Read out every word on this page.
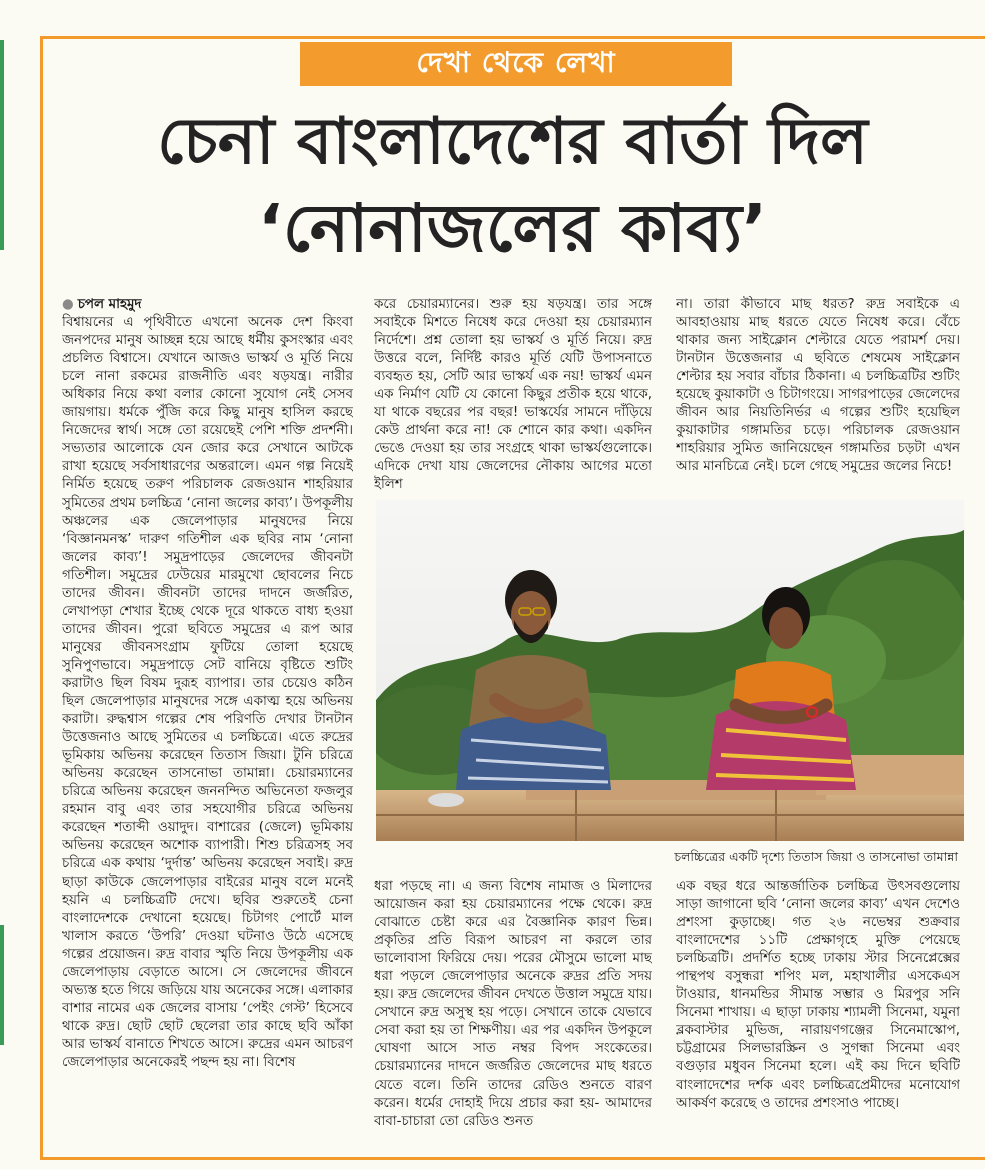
দেখা থেকে লেখা
চেনা বাংলাদেশের বার্তা দিল
‘নোনাজলের কাব্য’

● চপল মাহমুদ

বিশ্বায়নের এ পৃথিবীতে এখনো অনেক দেশ কিংবা জনপদের মানুষ আচ্ছন্ন হয়ে আছে ধর্মীয় কুসংস্কার এবং প্রচলিত বিশ্বাসে। যেখানে আজও ভাস্কর্য ও মূর্তি নিয়ে চলে নানা রকমের রাজনীতি এবং ষড়যন্ত্র। নারীর অধিকার নিয়ে কথা বলার কোনো সুযোগ নেই সেসব জায়গায়। ধর্মকে পুঁজি করে কিছু মানুষ হাসিল করছে নিজেদের স্বার্থ। সঙ্গে তো রয়েছেই পেশি শক্তি প্রদর্শনী। সভ্যতার আলোকে যেন জোর করে সেখানে আটকে রাখা হয়েছে সর্বসাধারণের অন্তরালে। এমন গল্প নিয়েই নির্মিত হয়েছে তরুণ পরিচালক রেজওয়ান শাহরিয়ার সুমিতের প্রথম চলচ্চিত্র ‘নোনা জলের কাব্য’। উপকূলীয় অঞ্চলের এক জেলেপাড়ার মানুষদের নিয়ে ‘বিজ্ঞানমনস্ক’ দারুণ গতিশীল এক ছবির নাম ‘নোনা জলের কাব্য’! সমুদ্রপাড়ের জেলেদের জীবনটা গতিশীল। সমুদ্রের ঢেউয়ের মারমুখো ছোবলের নিচে তাদের জীবন। জীবনটা তাদের দাদনে জর্জরিত, লেখাপড়া শেখার ইচ্ছে থেকে দূরে থাকতে বাধ্য হওয়া তাদের জীবন। পুরো ছবিতে সমুদ্রের এ রূপ আর মানুষের জীবনসংগ্রাম ফুটিয়ে তোলা হয়েছে সুনিপুণভাবে। সমুদ্রপাড়ে সেট বানিয়ে বৃষ্টিতে শুটিং করাটাও ছিল বিষম দুরূহ ব্যাপার। তার চেয়েও কঠিন ছিল জেলেপাড়ার মানুষদের সঙ্গে একাত্ম হয়ে অভিনয় করাটা। রুদ্ধশ্বাস গল্পের শেষ পরিণতি দেখার টানটান উত্তেজনাও আছে সুমিতের এ চলচ্চিত্রে। এতে রুদ্রের ভূমিকায় অভিনয় করেছেন তিতাস জিয়া। টুনি চরিত্রে অভিনয় করেছেন তাসনোভা তামান্না। চেয়ারম্যানের চরিত্রে অভিনয় করেছেন জননন্দিত অভিনেতা ফজলুর রহমান বাবু এবং তার সহযোগীর চরিত্রে অভিনয় করেছেন শতাব্দী ওয়াদুদ। বাশারের (জেলে) ভূমিকায় অভিনয় করেছেন অশোক ব্যাপারী। শিশু চরিত্রসহ সব চরিত্রে এক কথায় ‘দুর্দান্ত’ অভিনয় করেছেন সবাই। রুদ্র ছাড়া কাউকে জেলেপাড়ার বাইরের মানুষ বলে মনেই হয়নি এ চলচ্চিত্রটি দেখে। ছবির শুরুতেই চেনা বাংলাদেশকে দেখানো হয়েছে। চিটাগং পোর্টে মাল খালাস করতে ‘উপরি’ দেওয়া ঘটনাও উঠে এসেছে গল্পের প্রয়োজন। রুদ্র বাবার স্মৃতি নিয়ে উপকূলীয় এক জেলেপাড়ায় বেড়াতে আসে। সে জেলেদের জীবনে অভ্যস্ত হতে গিয়ে জড়িয়ে যায় অনেকের সঙ্গে। এলাকার বাশার নামের এক জেলের বাসায় ‘পেইং গেস্ট’ হিসেবে থাকে রুদ্র। ছোট ছোট ছেলেরা তার কাছে ছবি আঁকা আর ভাস্কর্য বানাতে শিখতে আসে। রুদ্রের এমন আচরণ জেলেপাড়ার অনেকেরই পছন্দ হয় না। বিশেষ

করে চেয়ারম্যানের। শুরু হয় ষড়যন্ত্র। তার সঙ্গে সবাইকে মিশতে নিষেধ করে দেওয়া হয় চেয়ারম্যান নির্দেশে। প্রশ্ন তোলা হয় ভাস্কর্য ও মূর্তি নিয়ে। রুদ্র উত্তরে বলে, নির্দিষ্ট কারও মূর্তি যেটি উপাসনাতে ব্যবহৃত হয়, সেটি আর ভাস্কর্য এক নয়! ভাস্কর্য এমন এক নির্মাণ যেটি যে কোনো কিছুর প্রতীক হয়ে থাকে, যা থাকে বছরের পর বছর! ভাস্কর্যের সামনে দাঁড়িয়ে কেউ প্রার্থনা করে না! কে শোনে কার কথা। একদিন ভেঙে দেওয়া হয় তার সংগ্রহে থাকা ভাস্কর্যগুলোকে। এদিকে দেখা যায় জেলেদের নৌকায় আগের মতো ইলিশ

না। তারা কীভাবে মাছ ধরত? রুদ্র সবাইকে এ আবহাওয়ায় মাছ ধরতে যেতে নিষেধ করে। বেঁচে থাকার জন্য সাইক্লোন শেল্টারে যেতে পরামর্শ দেয়। টানটান উত্তেজনার এ ছবিতে শেষমেষ সাইক্লোন শেল্টার হয় সবার বাঁচার ঠিকানা। এ চলচ্চিত্রটির শুটিং হয়েছে কুয়াকাটা ও চিটাগংয়ে। সাগরপাড়ের জেলেদের জীবন আর নিয়তিনির্ভর এ গল্পের শুটিং হয়েছিল কুয়াকাটার গঙ্গামতির চড়ে। পরিচালক রেজওয়ান শাহরিয়ার সুমিত জানিয়েছেন গঙ্গামতির চড়টা এখন আর মানচিত্রে নেই। চলে গেছে সমুদ্রের জলের নিচে!

চলচ্চিত্রের একটি দৃশ্যে তিতাস জিয়া ও তাসনোভা তামান্না

ধরা পড়ছে না। এ জন্য বিশেষ নামাজ ও মিলাদের আয়োজন করা হয় চেয়ারম্যানের পক্ষে থেকে। রুদ্র বোঝাতে চেষ্টা করে এর বৈজ্ঞানিক কারণ ভিন্ন। প্রকৃতির প্রতি বিরূপ আচরণ না করলে তার ভালোবাসা ফিরিয়ে দেয়। পরের মৌসুমে ভালো মাছ ধরা পড়লে জেলেপাড়ার অনেকে রুদ্রর প্রতি সদয় হয়। রুদ্র জেলেদের জীবন দেখতে উত্তাল সমুদ্রে যায়। সেখানে রুদ্র অসুস্থ হয় পড়ে। সেখানে তাকে যেভাবে সেবা করা হয় তা শিক্ষণীয়। এর পর একদিন উপকূলে ঘোষণা আসে সাত নম্বর বিপদ সংকেতের। চেয়ারম্যানের দাদনে জর্জরিত জেলেদের মাছ ধরতে যেতে বলে। তিনি তাদের রেডিও শুনতে বারণ করেন। ধর্মের দোহাই দিয়ে প্রচার করা হয়- আমাদের বাবা-চাচারা তো রেডিও শুনত

এক বছর ধরে আন্তর্জাতিক চলচ্চিত্র উৎসবগুলোয় সাড়া জাগানো ছবি ‘নোনা জলের কাব্য’ এখন দেশেও প্রশংসা কুড়াচ্ছে। গত ২৬ নভেম্বর শুক্রবার বাংলাদেশের ১১টি প্রেক্ষাগৃহে মুক্তি পেয়েছে চলচ্চিত্রটি। প্রদর্শিত হচ্ছে ঢাকায় স্টার সিনেপ্লেক্সের পান্থপথ বসুন্ধরা শপিং মল, মহাখালীর এসকেএস টাওয়ার, ধানমন্ডির সীমান্ত সম্ভার ও মিরপুর সনি সিনেমা শাখায়। এ ছাড়া ঢাকায় শ্যামলী সিনেমা, যমুনা ব্লকবাস্টার মুভিজ, নারায়ণগঞ্জের সিনেমাস্কোপ, চট্টগ্রামের সিলভারস্ক্রিন ও সুগন্ধা সিনেমা এবং বগুড়ার মধুবন সিনেমা হলে। এই কয় দিনে ছবিটি বাংলাদেশের দর্শক এবং চলচ্চিত্রপ্রেমীদের মনোযোগ আকর্ষণ করেছে ও তাদের প্রশংসাও পাচ্ছে।
